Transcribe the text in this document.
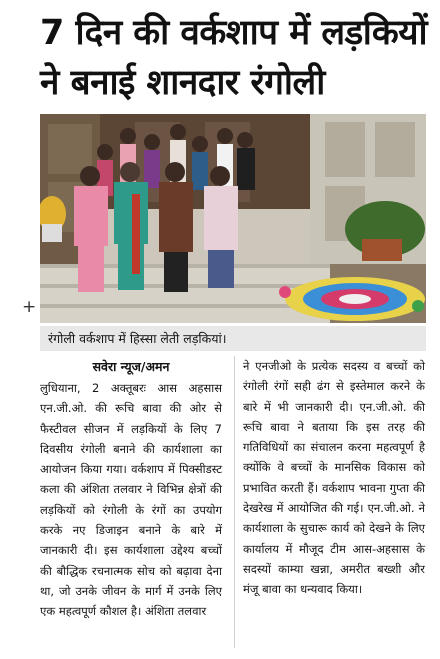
7 दिन की वर्कशाप में लड़कियों
ने बनाई शानदार रंगोली
+
रंगोली वर्कशाप में हिस्सा लेती लड़कियां।
सवेरा न्यूज/अमन

लुधियाना, 2 अक्तूबरः आस अहसास एन.जी.ओ. की रूचि बावा की ओर से फैस्टीवल सीजन में लड़कियों के लिए 7 दिवसीय रंगोली बनाने की कार्यशाला का आयोजन किया गया। वर्कशाप में पिक्सीडस्ट कला की अंशिता तलवार ने विभिन्न क्षेत्रों की लड़कियों को रंगोली के रंगों का उपयोग करके नए डिजाइन बनाने के बारे में जानकारी दी। इस कार्यशाला उद्देश्य बच्चों की बौद्धिक रचनात्मक सोच को बढ़ावा देना था, जो उनके जीवन के मार्ग में उनके लिए एक महत्वपूर्ण कौशल है। अंशिता तलवार

ने एनजीओ के प्रत्येक सदस्य व बच्चों को रंगोली रंगों सही ढंग से इस्तेमाल करने के बारे में भी जानकारी दी। एन.जी.ओ. की रूचि बावा ने बताया कि इस तरह की गतिविधियों का संचालन करना महत्वपूर्ण है क्योंकि वे बच्चों के मानसिक विकास को प्रभावित करती हैं। वर्कशाप भावना गुप्ता की देखरेख में आयोजित की गई। एन.जी.ओ. ने कार्यशाला के सुचारू कार्य को देखने के लिए कार्यालय में मौजूद टीम आस-अहसास के सदस्यों काम्या खन्ना, अमरीत बख्शी और मंजू बावा का धन्यवाद किया।
